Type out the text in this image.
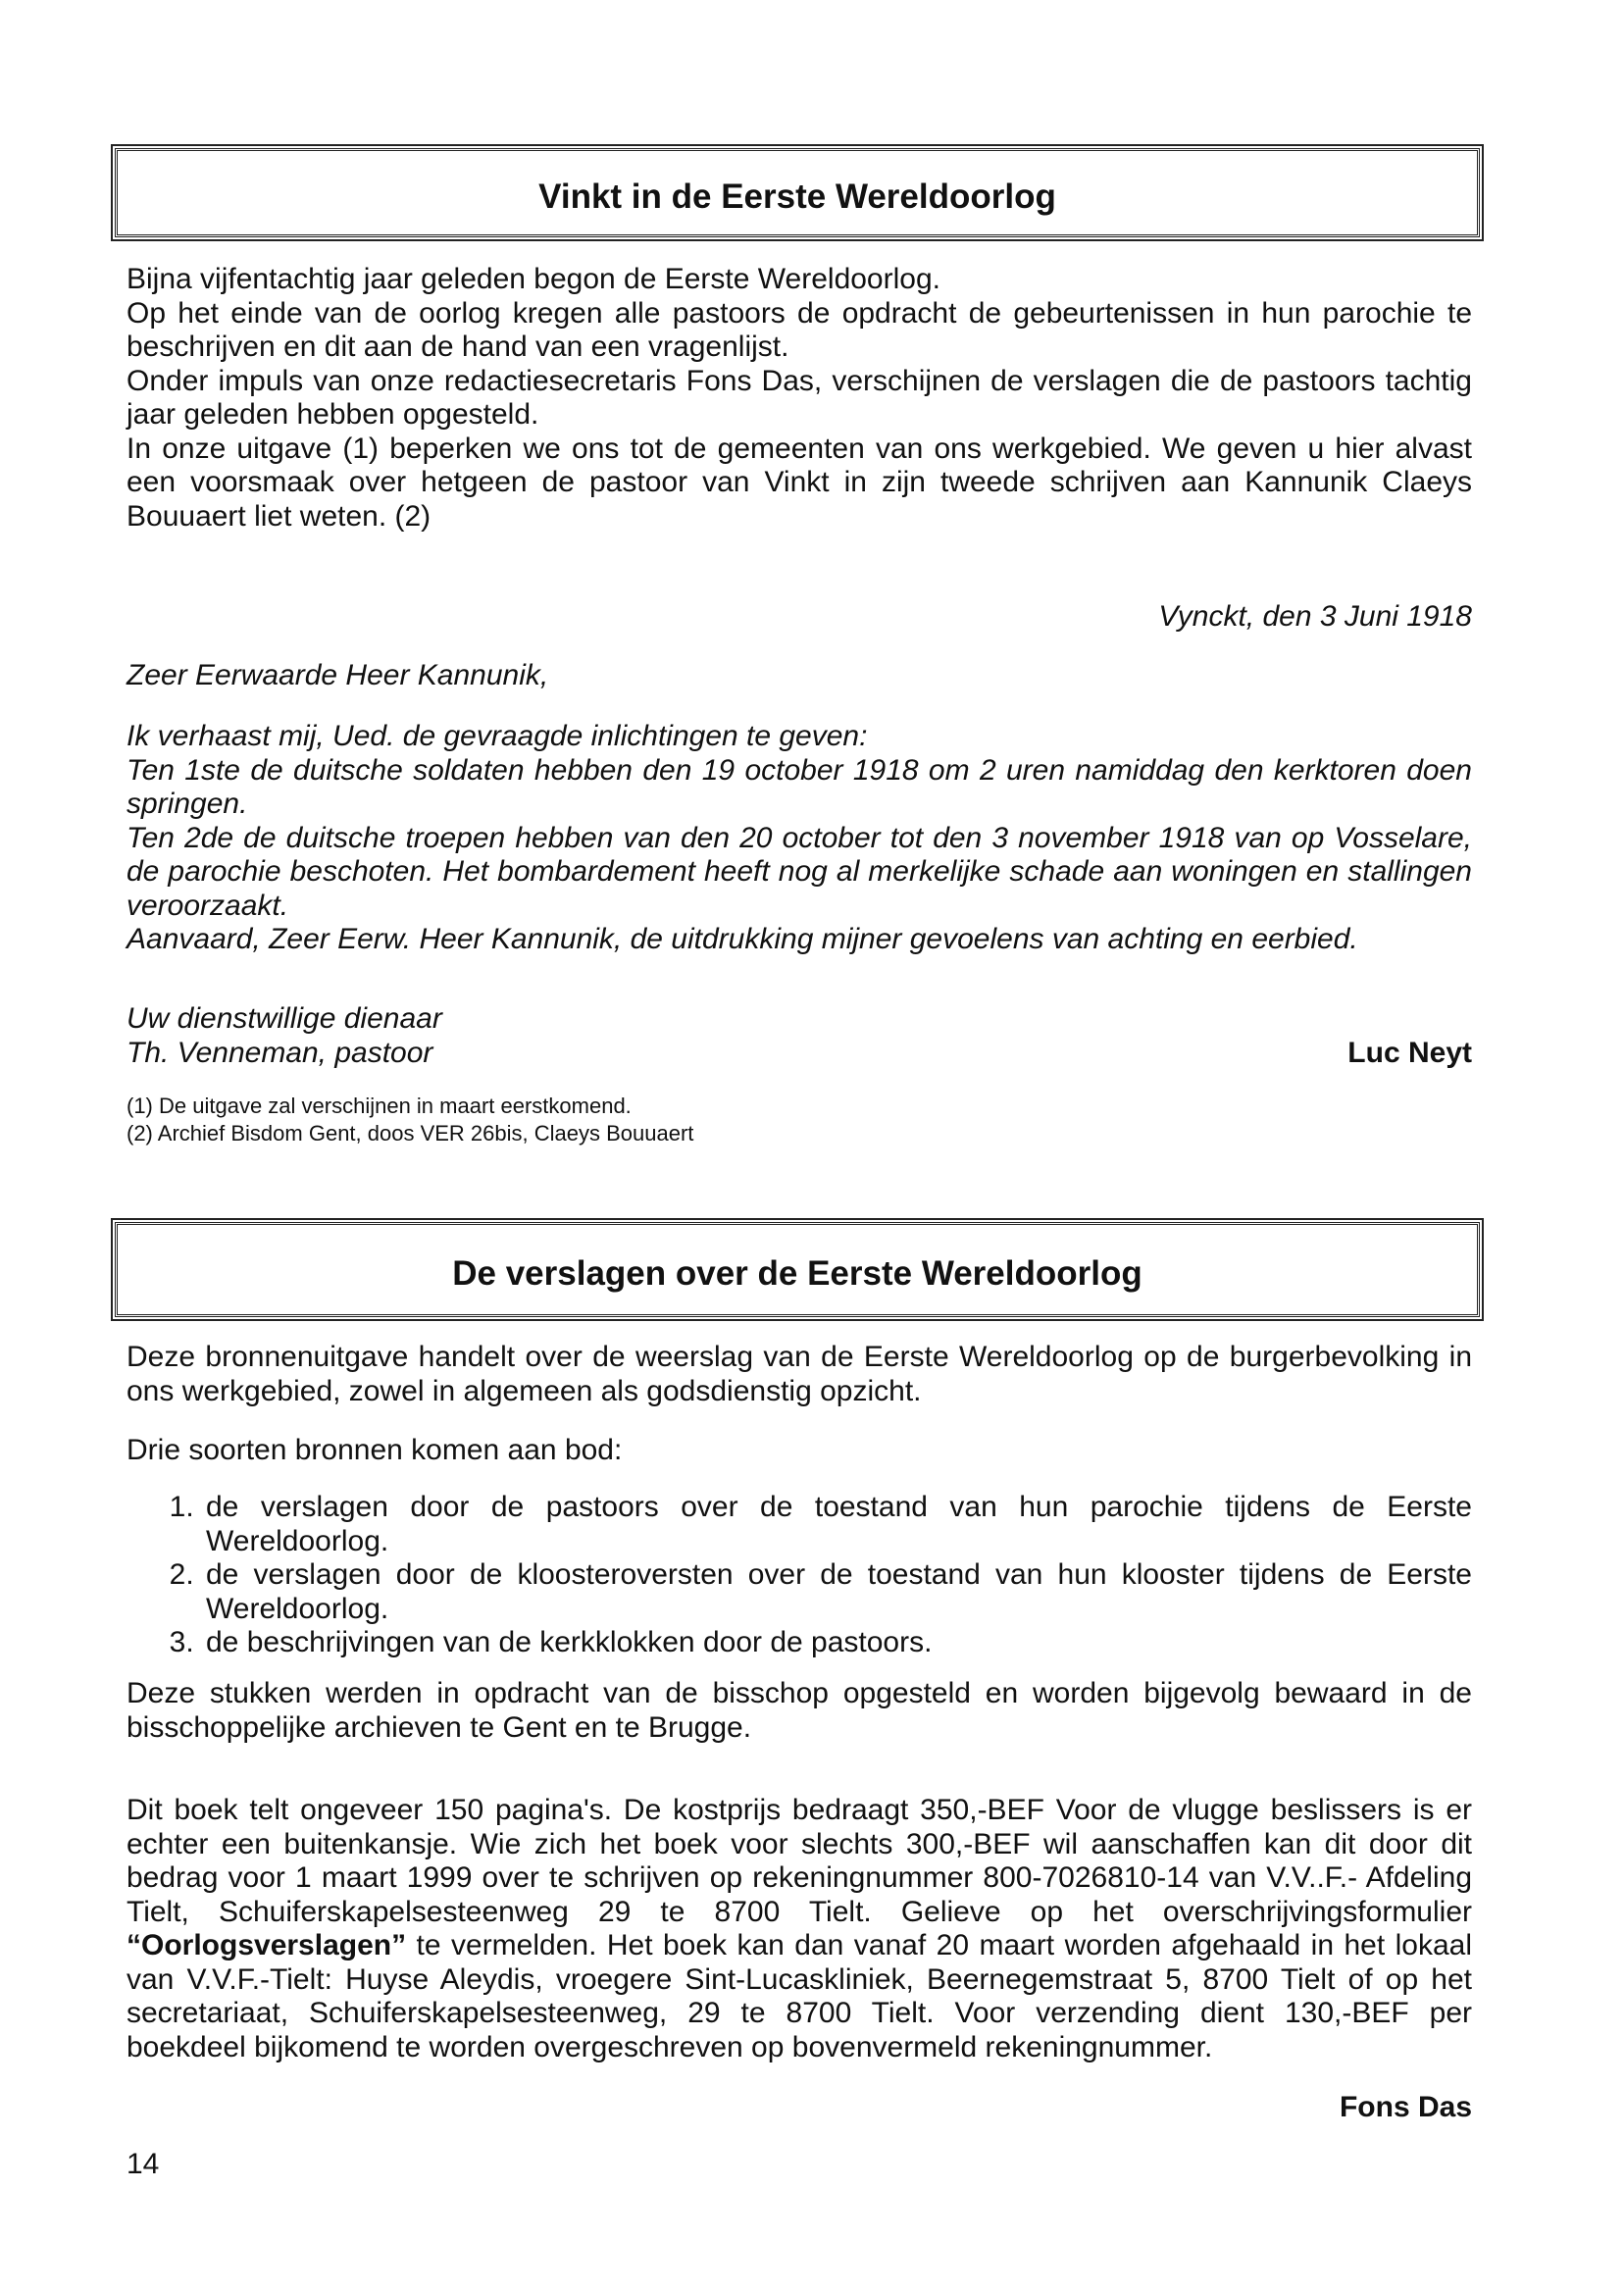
Vinkt in de Eerste Wereldoorlog

Bijna vijfentachtig jaar geleden begon de Eerste Wereldoorlog.

Op het einde van de oorlog kregen alle pastoors de opdracht de gebeurtenissen in hun parochie te beschrijven en dit aan de hand van een vragenlijst.

Onder impuls van onze redactiesecretaris Fons Das, verschijnen de verslagen die de pastoors tachtig jaar geleden hebben opgesteld.

In onze uitgave (1) beperken we ons tot de gemeenten van ons werkgebied. We geven u hier alvast een voorsmaak over hetgeen de pastoor van Vinkt in zijn tweede schrijven aan Kannunik Claeys Bouuaert liet weten. (2)

Vynckt, den 3 Juni 1918
Zeer Eerwaarde Heer Kannunik,

Ik verhaast mij, Ued. de gevraagde inlichtingen te geven:

Ten 1ste de duitsche soldaten hebben den 19 october 1918 om 2 uren namiddag den kerktoren doen springen.

Ten 2de de duitsche troepen hebben van den 20 october tot den 3 november 1918 van op Vosselare, de parochie beschoten. Het bombardement heeft nog al merkelijke schade aan woningen en stallingen veroorzaakt.

Aanvaard, Zeer Eerw. Heer Kannunik, de uitdrukking mijner gevoelens van achting en eerbied.

Uw dienstwillige dienaar
Th. Venneman, pastoor	Luc Neyt
(1) De uitgave zal verschijnen in maart eerstkomend.
(2) Archief Bisdom Gent, doos VER 26bis, Claeys Bouuaert
De verslagen over de Eerste Wereldoorlog
Deze bronnenuitgave handelt over de weerslag van de Eerste Wereldoorlog op de burgerbevolking in ons werkgebied, zowel in algemeen als godsdienstig opzicht.
Drie soorten bronnen komen aan bod:
1. de verslagen door de pastoors over de toestand van hun parochie tijdens de Eerste Wereldoorlog.
2. de verslagen door de kloosteroversten over de toestand van hun klooster tijdens de Eerste Wereldoorlog.
3. de beschrijvingen van de kerkklokken door de pastoors.
Deze stukken werden in opdracht van de bisschop opgesteld en worden bijgevolg bewaard in de bisschoppelijke archieven te Gent en te Brugge.
Dit boek telt ongeveer 150 pagina's. De kostprijs bedraagt 350,-BEF Voor de vlugge beslissers is er echter een buitenkansje. Wie zich het boek voor slechts 300,-BEF wil aanschaffen kan dit door dit bedrag voor 1 maart 1999 over te schrijven op rekeningnummer 800-7026810-14 van V.V..F.- Afdeling Tielt, Schuiferskapelsesteenweg 29 te 8700 Tielt. Gelieve op het overschrijvingsformulier “Oorlogsverslagen” te vermelden. Het boek kan dan vanaf 20 maart worden afgehaald in het lokaal van V.V.F.-Tielt: Huyse Aleydis, vroegere Sint-Lucaskliniek, Beernegemstraat 5, 8700 Tielt of op het secretariaat, Schuiferskapelsesteenweg, 29 te 8700 Tielt. Voor verzending dient 130,-BEF per boekdeel bijkomend te worden overgeschreven op bovenvermeld rekeningnummer.
Fons Das
14
